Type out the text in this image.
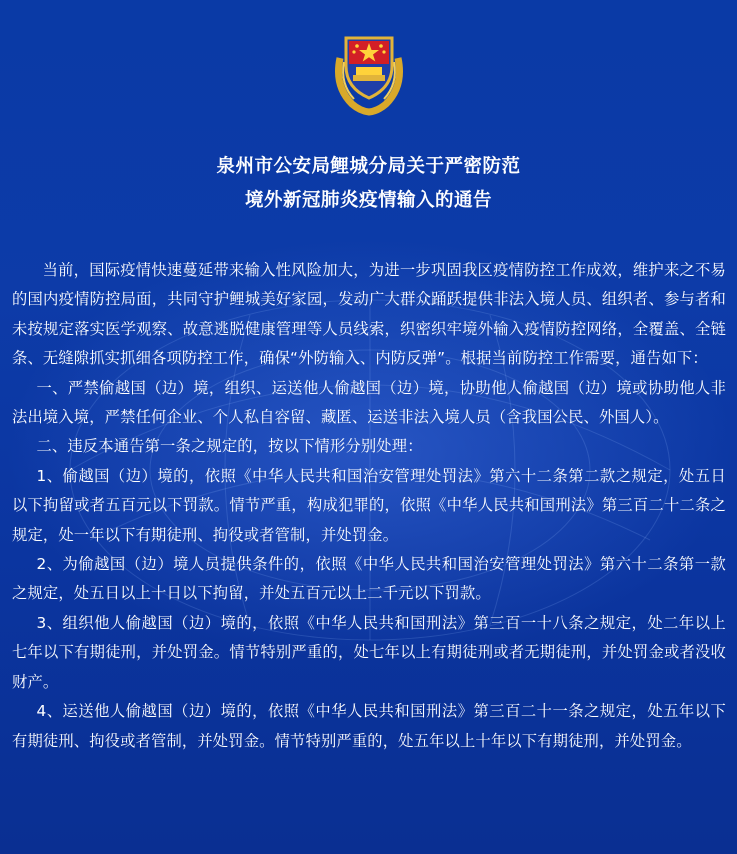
泉州市公安局鲤城分局关于严密防范
境外新冠肺炎疫情输入的通告

当前，国际疫情快速蔓延带来输入性风险加大，为进一步巩固我区疫情防控工作成效，维护来之不易的国内疫情防控局面，共同守护鲤城美好家园，发动广大群众踊跃提供非法入境人员、组织者、参与者和未按规定落实医学观察、故意逃脱健康管理等人员线索，织密织牢境外输入疫情防控网络，全覆盖、全链条、无缝隙抓实抓细各项防控工作，确保“外防输入、内防反弹”。根据当前防控工作需要，通告如下：

一、严禁偷越国（边）境，组织、运送他人偷越国（边）境，协助他人偷越国（边）境或协助他人非法出境入境，严禁任何企业、个人私自容留、藏匿、运送非法入境人员（含我国公民、外国人）。

二、违反本通告第一条之规定的，按以下情形分别处理：

1、偷越国（边）境的，依照《中华人民共和国治安管理处罚法》第六十二条第二款之规定，处五日以下拘留或者五百元以下罚款。情节严重，构成犯罪的，依照《中华人民共和国刑法》第三百二十二条之规定，处一年以下有期徒刑、拘役或者管制，并处罚金。

2、为偷越国（边）境人员提供条件的，依照《中华人民共和国治安管理处罚法》第六十二条第一款之规定，处五日以上十日以下拘留，并处五百元以上二千元以下罚款。

3、组织他人偷越国（边）境的，依照《中华人民共和国刑法》第三百一十八条之规定，处二年以上七年以下有期徒刑，并处罚金。情节特别严重的，处七年以上有期徒刑或者无期徒刑，并处罚金或者没收财产。

4、运送他人偷越国（边）境的，依照《中华人民共和国刑法》第三百二十一条之规定，处五年以下有期徒刑、拘役或者管制，并处罚金。情节特别严重的，处五年以上十年以下有期徒刑，并处罚金。
